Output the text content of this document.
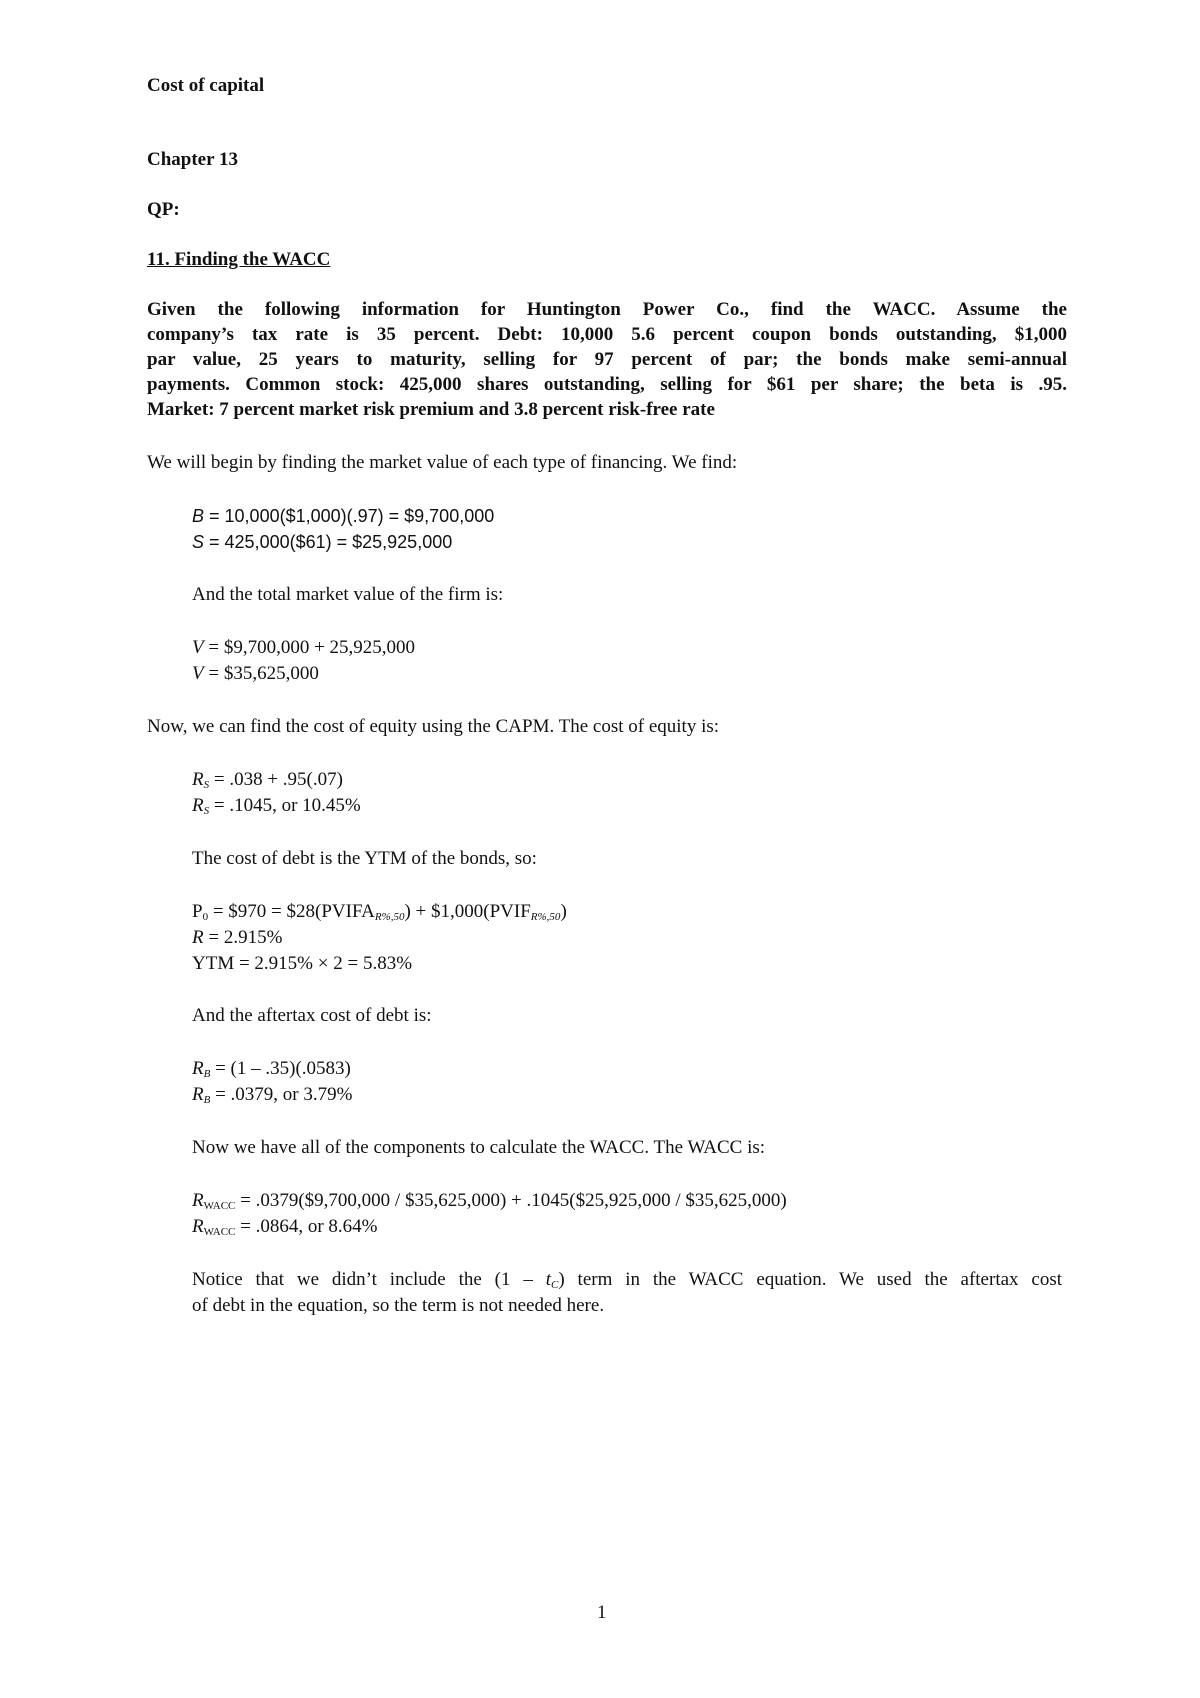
Cost of capital
Chapter 13
QP:
11. Finding the WACC
Given the following information for Huntington Power Co., find the WACC. Assume the
company’s tax rate is 35 percent. Debt: 10,000 5.6 percent coupon bonds outstanding, $1,000
par value, 25 years to maturity, selling for 97 percent of par; the bonds make semi-annual
payments. Common stock: 425,000 shares outstanding, selling for $61 per share; the beta is .95.
Market: 7 percent market risk premium and 3.8 percent risk-free rate
We will begin by finding the market value of each type of financing. We find:
B = 10,000($1,000)(.97) = $9,700,000
S = 425,000($61) = $25,925,000
And the total market value of the firm is:
V = $9,700,000 + 25,925,000
V = $35,625,000
Now, we can find the cost of equity using the CAPM. The cost of equity is:
$R_S = .038 + .95(.07)$
$R_S = .1045$, or 10.45%
The cost of debt is the YTM of the bonds, so:
$P_0$ = $970 = $\$28(PVIFA_{R\%,50})$ + $\$1,000(PVIF_{R\%,50})$
R = 2.915%
YTM = 2.915% × 2 = 5.83%
And the aftertax cost of debt is:
$R_B = (1 - .35)(.0583)$
$R_B = .0379$, or 3.79%
Now we have all of the components to calculate the WACC. The WACC is:
$R_{WACC}$ = .0379($9,700,000 / $35,625,000) + .1045($25,925,000 / $35,625,000)
$R_{WACC} = .0864$, or 8.64%
Notice that we didn’t include the $(1 - t_C)$ term in the WACC equation. We used the aftertax cost
of debt in the equation, so the term is not needed here.
1
